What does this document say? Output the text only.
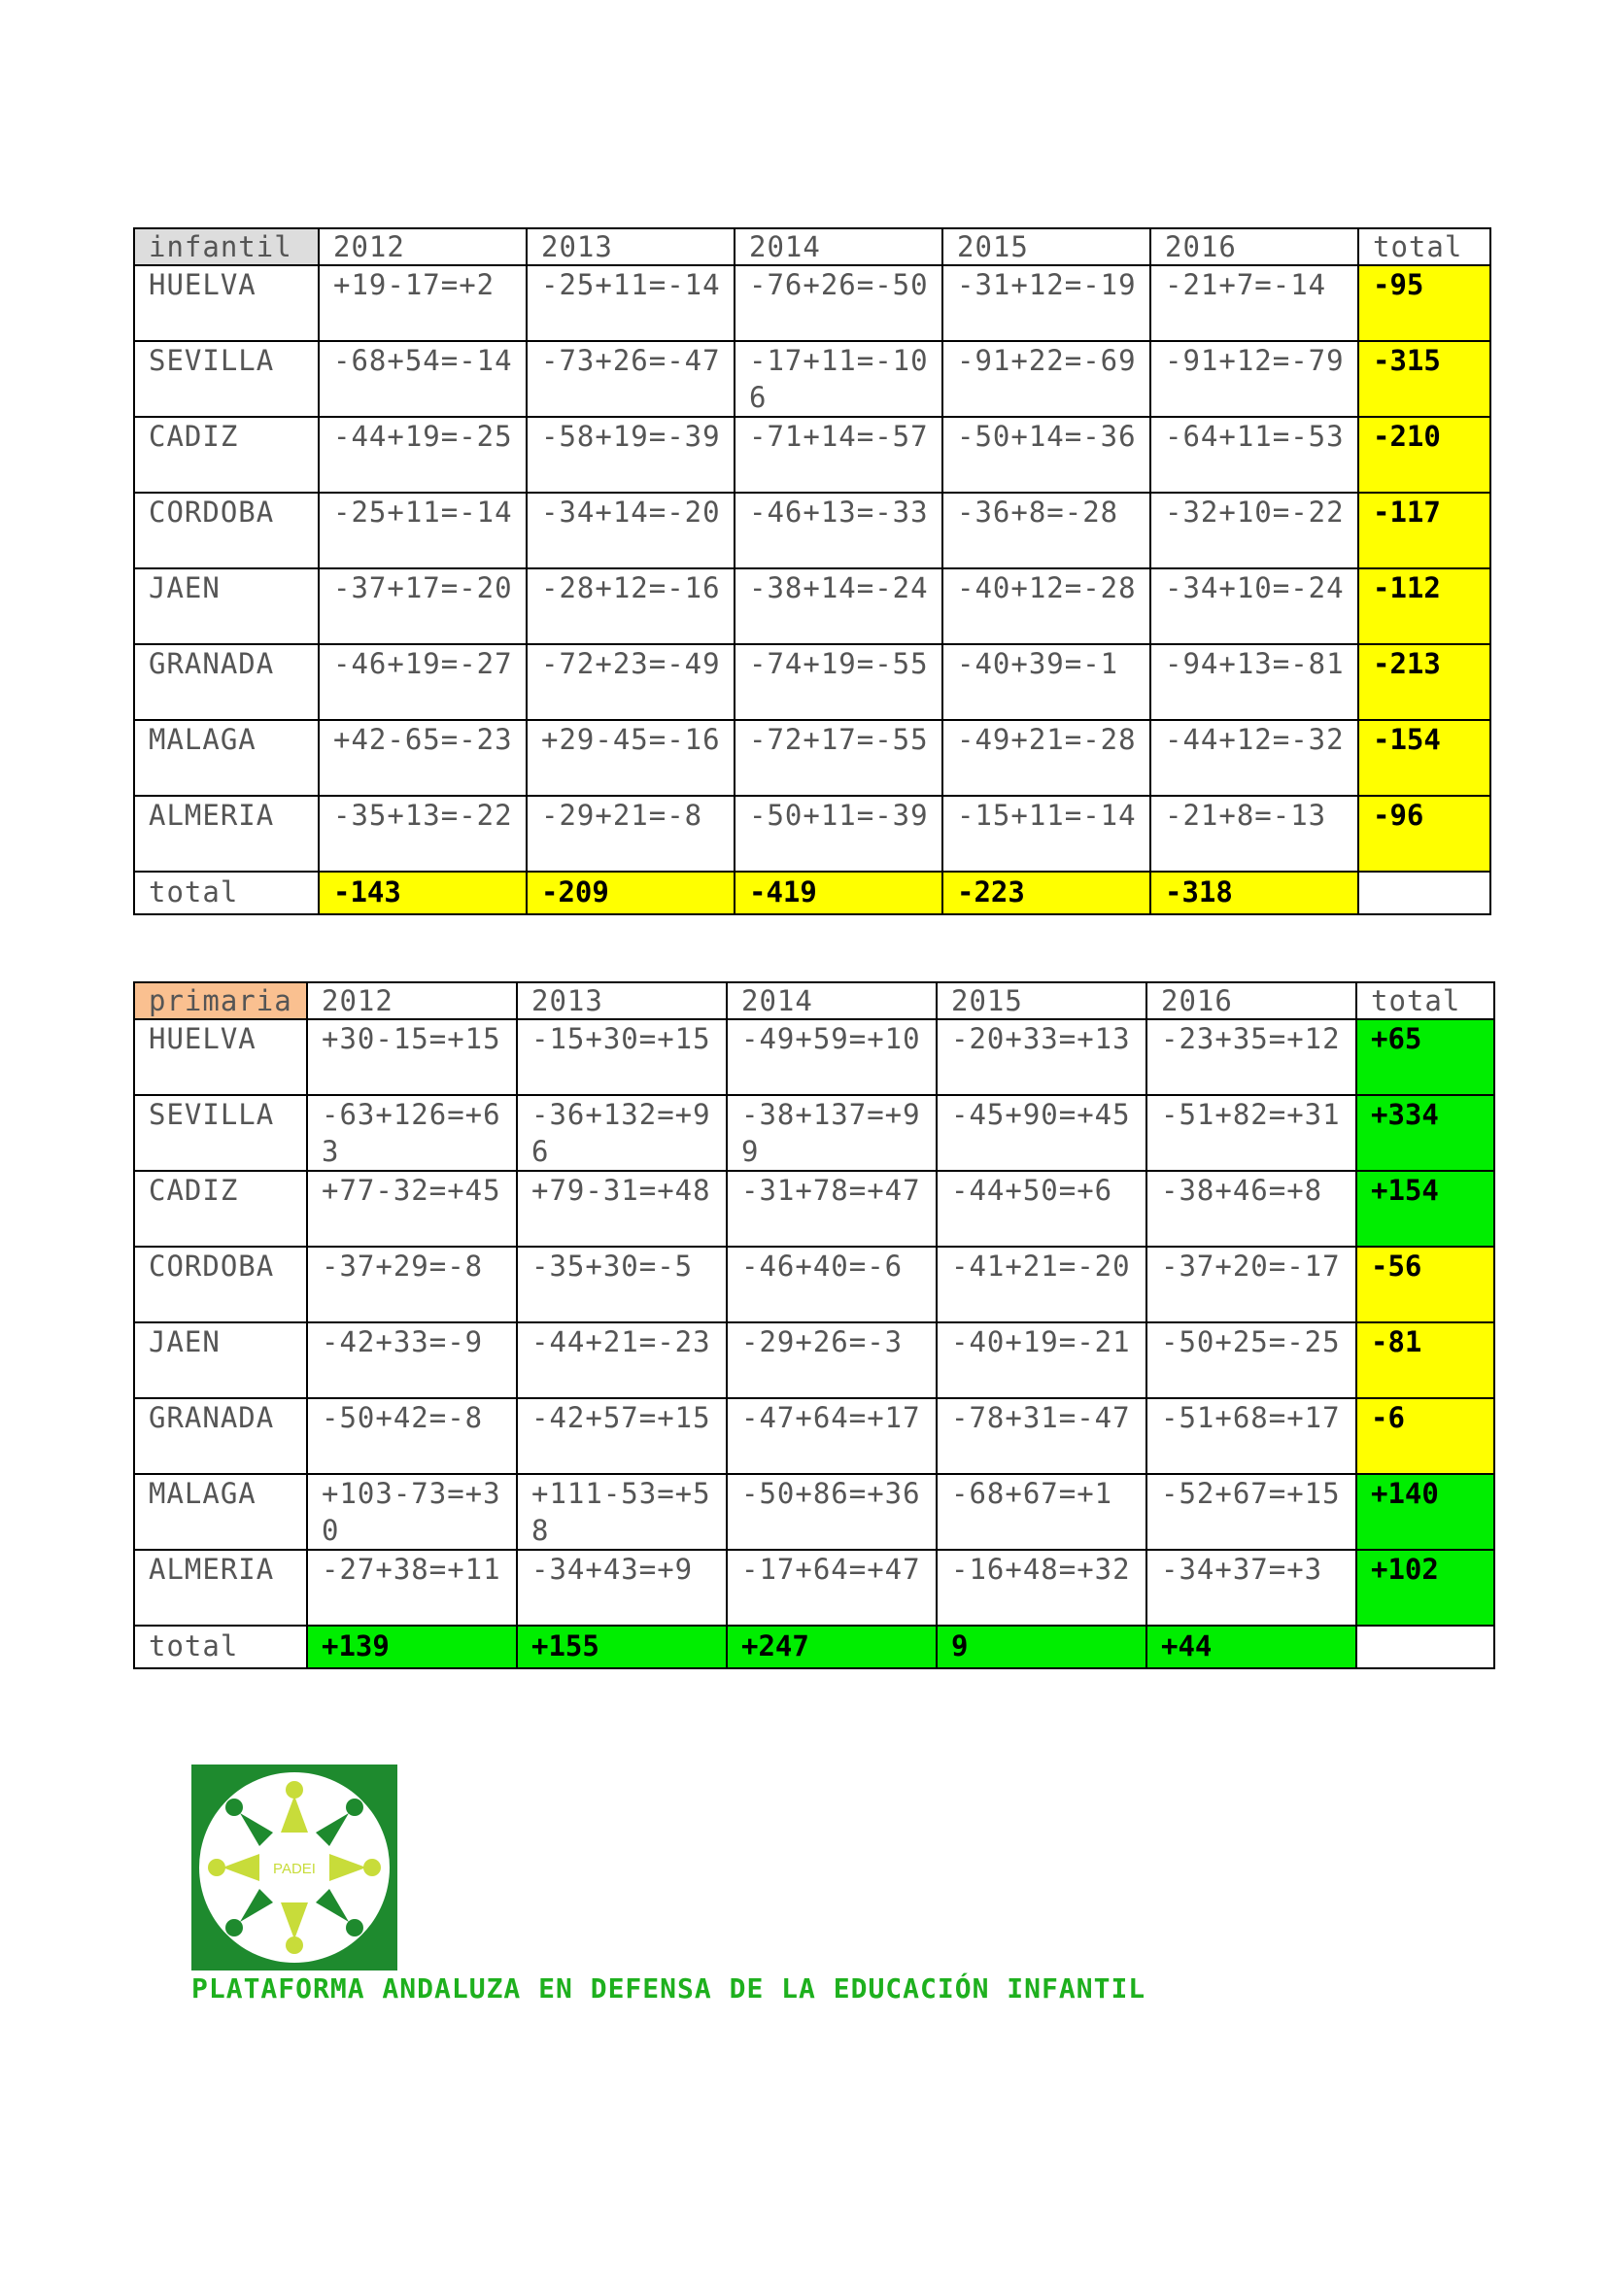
infantil	2012	2013	2014	2015	2016	total
HUELVA	+19-17=+2	-25+11=-14	-76+26=-50	-31+12=-19	-21+7=-14	-95
SEVILLA	-68+54=-14	-73+26=-47	-17+11=-106	-91+22=-69	-91+12=-79	-315
CADIZ	-44+19=-25	-58+19=-39	-71+14=-57	-50+14=-36	-64+11=-53	-210
CORDOBA	-25+11=-14	-34+14=-20	-46+13=-33	-36+8=-28	-32+10=-22	-117
JAEN	-37+17=-20	-28+12=-16	-38+14=-24	-40+12=-28	-34+10=-24	-112
GRANADA	-46+19=-27	-72+23=-49	-74+19=-55	-40+39=-1	-94+13=-81	-213
MALAGA	+42-65=-23	+29-45=-16	-72+17=-55	-49+21=-28	-44+12=-32	-154
ALMERIA	-35+13=-22	-29+21=-8	-50+11=-39	-15+11=-14	-21+8=-13	-96
total	-143	-209	-419	-223	-318	
primaria	2012	2013	2014	2015	2016	total
HUELVA	+30-15=+15	-15+30=+15	-49+59=+10	-20+33=+13	-23+35=+12	+65
SEVILLA	-63+126=+63	-36+132=+96	-38+137=+99	-45+90=+45	-51+82=+31	+334
CADIZ	+77-32=+45	+79-31=+48	-31+78=+47	-44+50=+6	-38+46=+8	+154
CORDOBA	-37+29=-8	-35+30=-5	-46+40=-6	-41+21=-20	-37+20=-17	-56
JAEN	-42+33=-9	-44+21=-23	-29+26=-3	-40+19=-21	-50+25=-25	-81
GRANADA	-50+42=-8	-42+57=+15	-47+64=+17	-78+31=-47	-51+68=+17	-6
MALAGA	+103-73=+30	+111-53=+58	-50+86=+36	-68+67=+1	-52+67=+15	+140
ALMERIA	-27+38=+11	-34+43=+9	-17+64=+47	-16+48=+32	-34+37=+3	+102
total	+139	+155	+247	9	+44	
PADEI
PLATAFORMA ANDALUZA EN DEFENSA DE LA EDUCACIÓN INFANTIL
